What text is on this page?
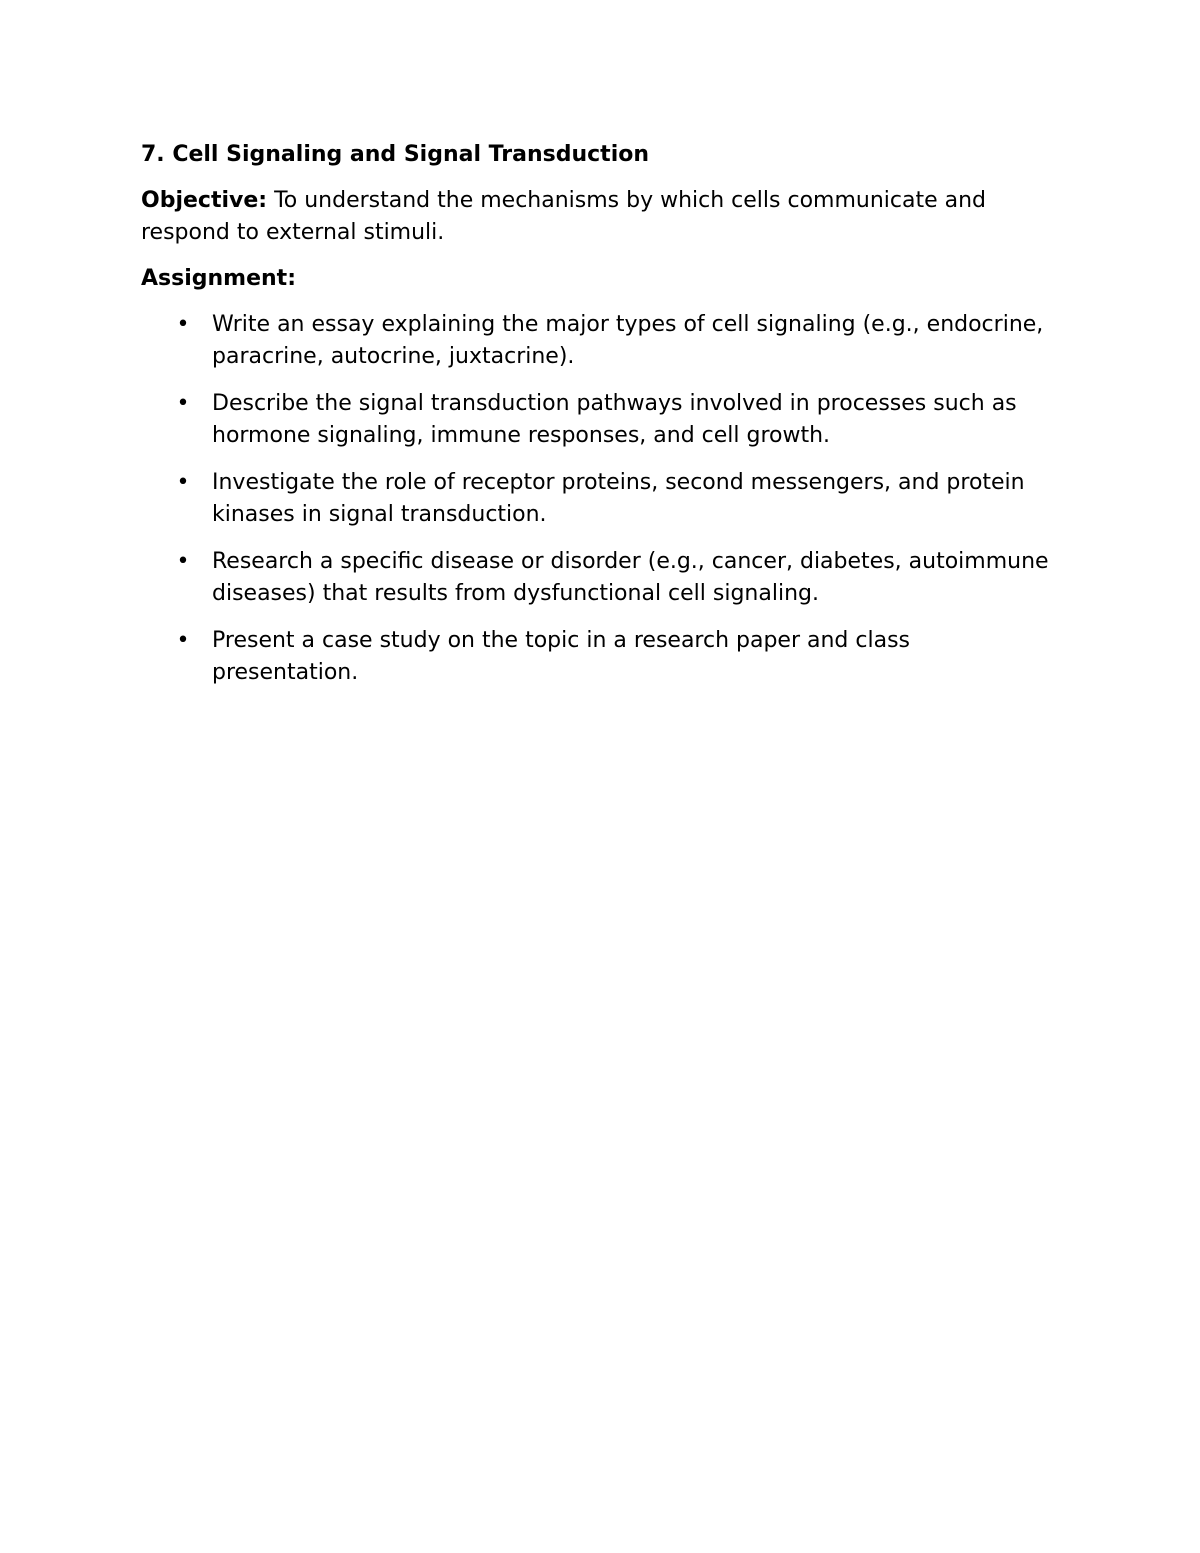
7. Cell Signaling and Signal Transduction
Objective: To understand the mechanisms by which cells communicate and respond to external stimuli.
Assignment:
• Write an essay explaining the major types of cell signaling (e.g., endocrine, paracrine, autocrine, juxtacrine).
• Describe the signal transduction pathways involved in processes such as hormone signaling, immune responses, and cell growth.
• Investigate the role of receptor proteins, second messengers, and protein kinases in signal transduction.
• Research a specific disease or disorder (e.g., cancer, diabetes, autoimmune diseases) that results from dysfunctional cell signaling.
• Present a case study on the topic in a research paper and class presentation.
